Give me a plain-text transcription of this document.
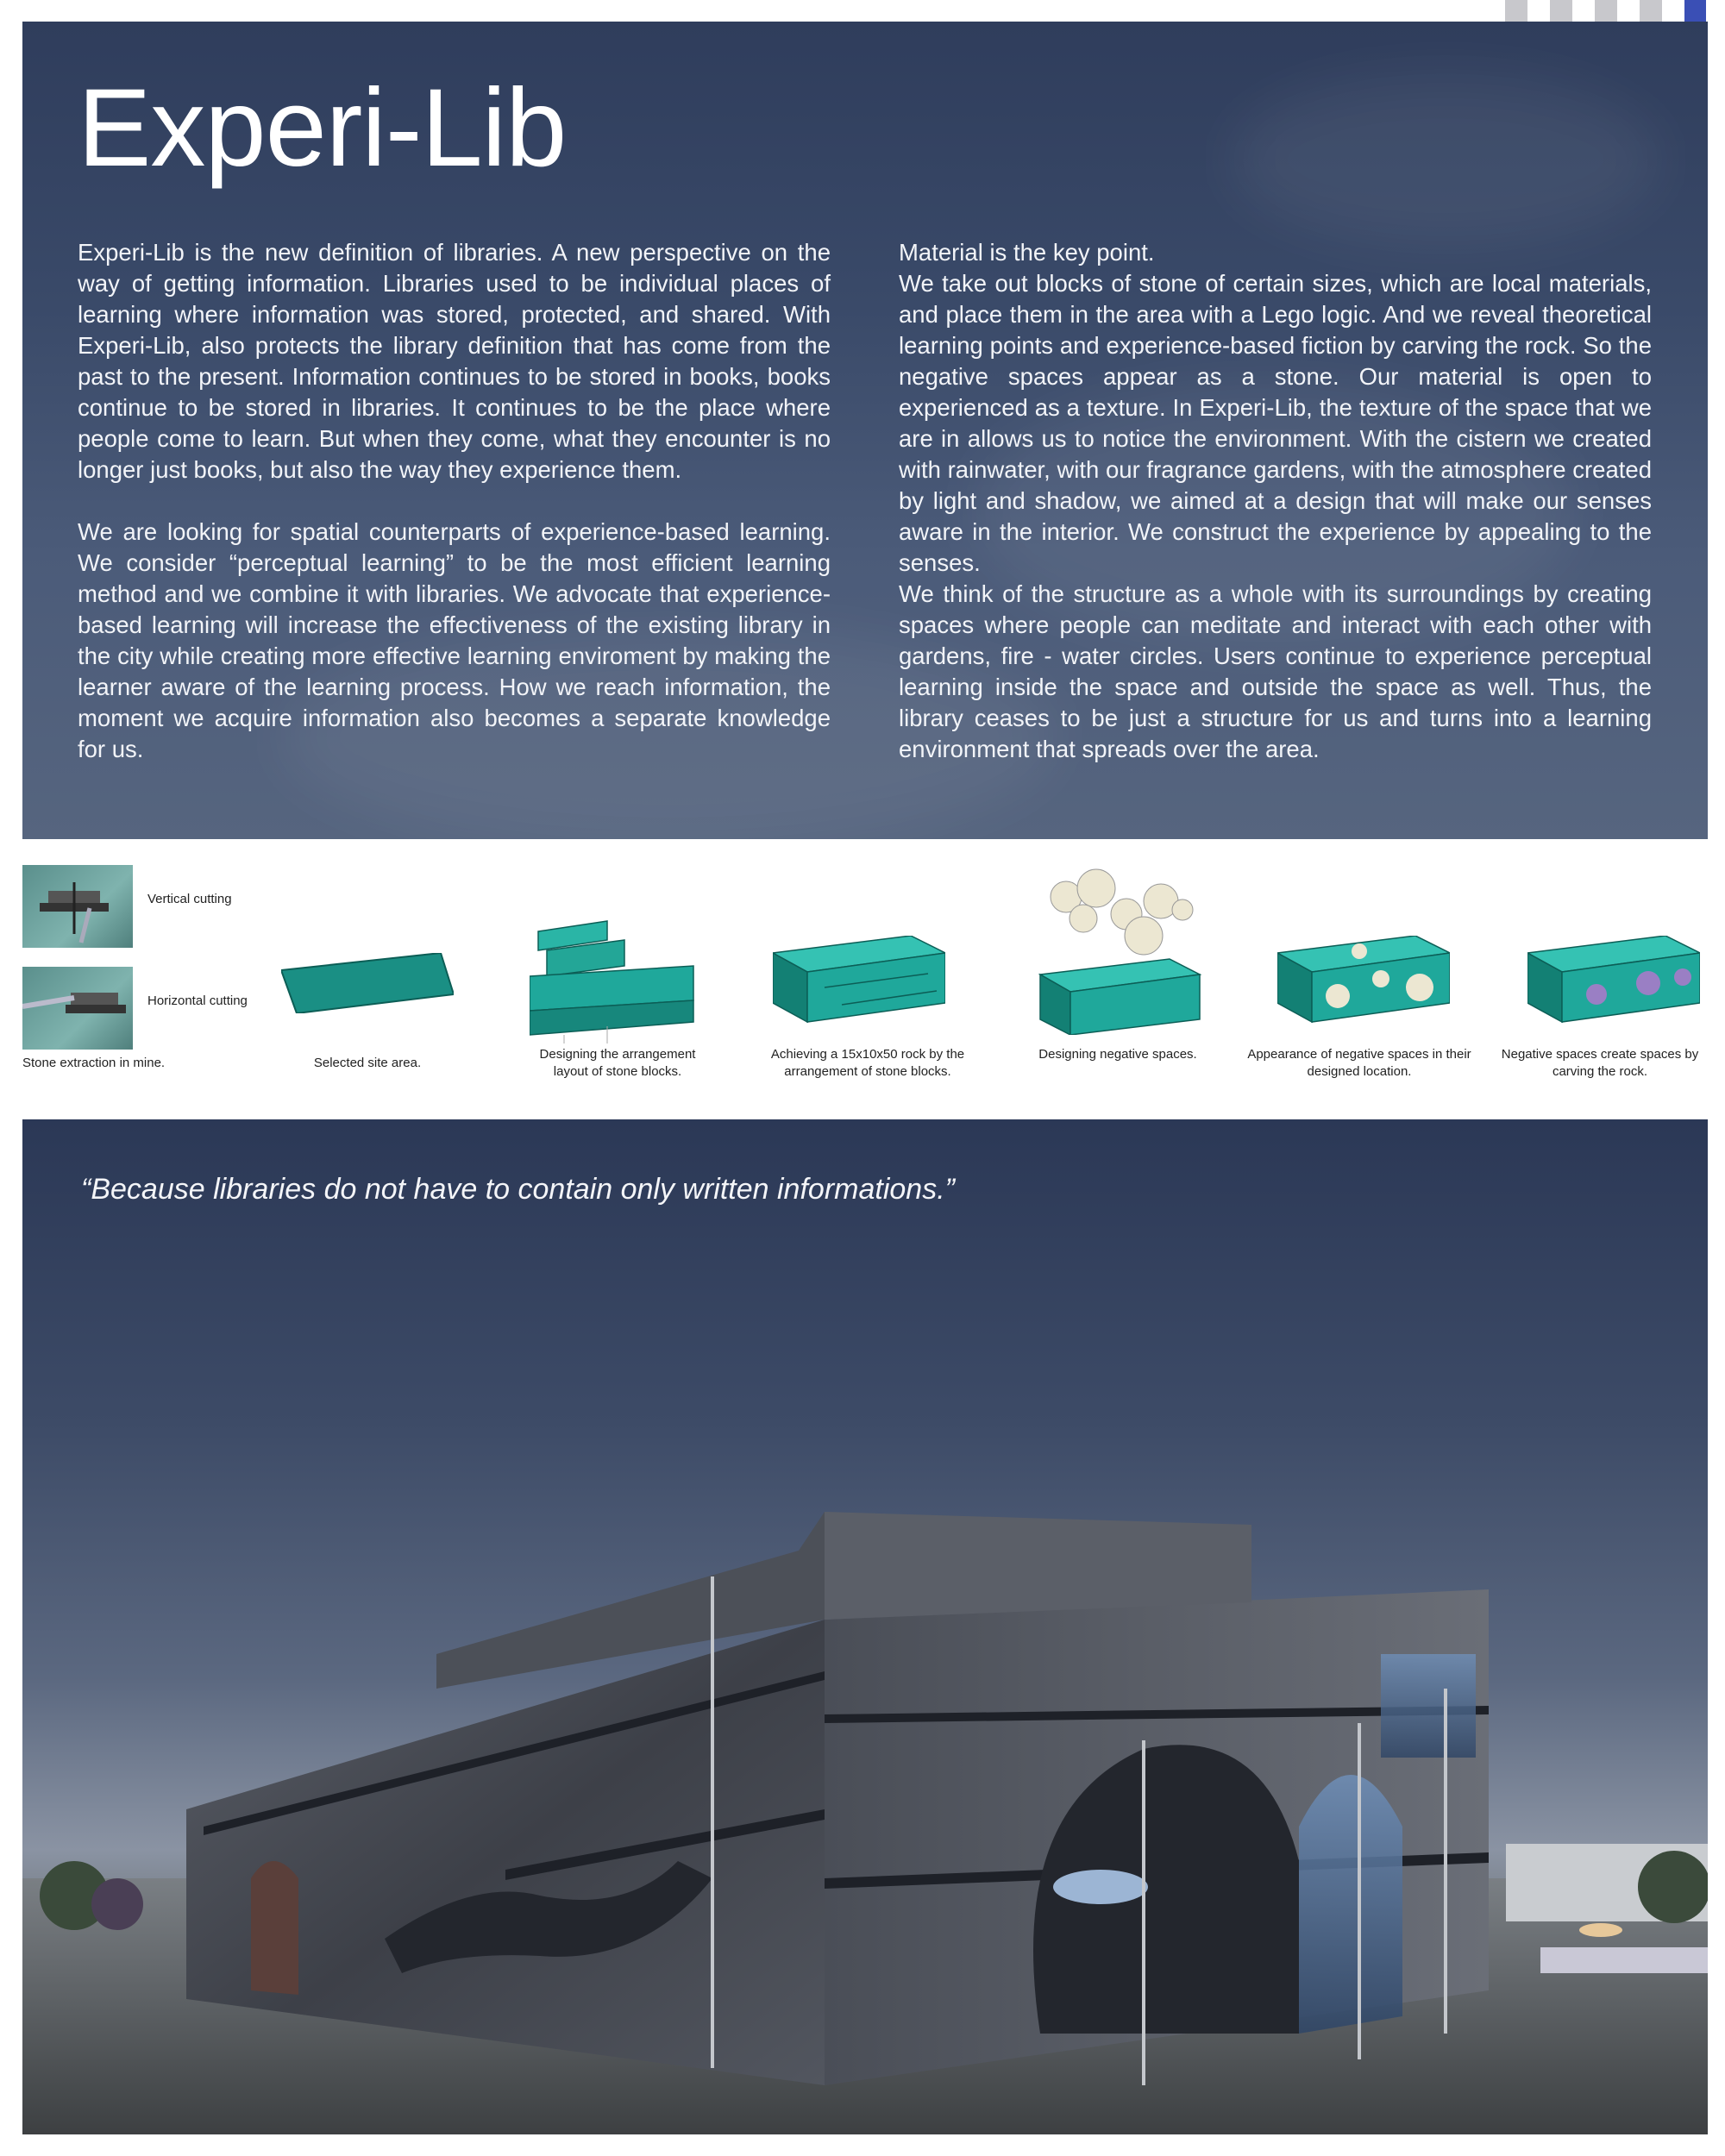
Experi-Lib

Experi-Lib is the new definition of libraries. A new perspective on the way of getting information. Libraries used to be individual places of learning where information was stored, protected, and shared. With Experi-Lib, also protects the library definition that has come from the past to the present. Information continues to be stored in books, books continue to be stored in libraries. It continues to be the place where people come to learn. But when they come, what they encounter is no longer just books, but also the way they experience them.

We are looking for spatial counterparts of experience-based learning. We consider “perceptual learning” to be the most efficient learning method and we combine it with libraries. We advocate that experience-based learning will increase the effectiveness of the existing library in the city while creating more effective learning enviroment by making the learner aware of the learning process. How we reach information, the moment we acquire information also becomes a separate knowledge for us.

Material is the key point.

We take out blocks of stone of certain sizes, which are local materials, and place them in the area with a Lego logic. And we reveal theoretical learning points and experience-based fiction by carving the rock. So the negative spaces appear as a stone. Our material is open to experienced as a texture. In Experi-Lib, the texture of the space that we are in allows us to notice the environment. With the cistern we created with rainwater, with our fragrance gardens, with the atmosphere created by light and shadow, we aimed at a design that will make our senses aware in the interior. We construct the experience by appealing to the senses.

We think of the structure as a whole with its surroundings by creating spaces where people can meditate and interact with each other with gardens, fire - water circles. Users continue to experience perceptual learning inside the space and outside the space as well. Thus, the library ceases to be just a structure for us and turns into a learning environment that spreads over the area.

Vertical cutting
Horizontal cutting
Stone extraction in mine.	Selected site area.
Designing the arrangement layout of stone blocks.
Achieving a 15x10x50 rock by the arrangement of stone blocks.
Designing negative spaces.	Appearance of negative spaces in their designed location.
Negative spaces create spaces by carving the rock.
“Because libraries do not have to contain only written informations.”
